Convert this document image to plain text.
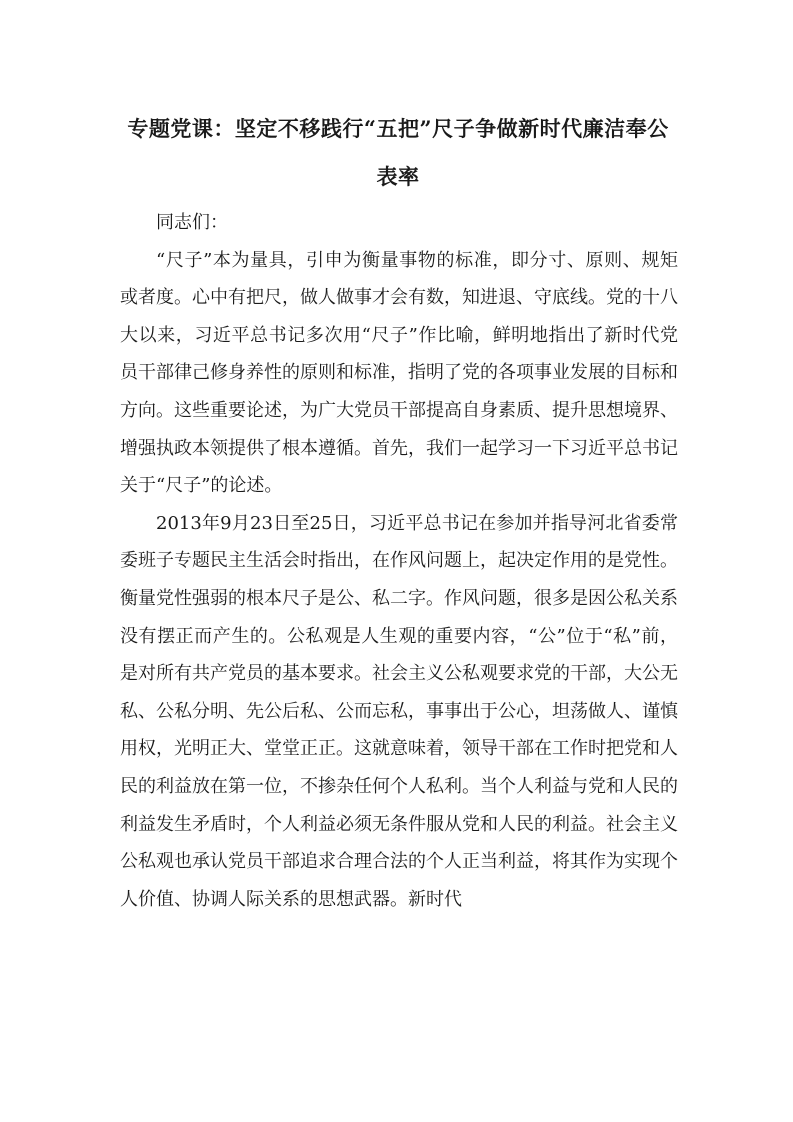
专题党课：坚定不移践行“五把”尺子争做新时代廉洁奉公表率

同志们：

“尺子”本为量具，引申为衡量事物的标准，即分寸、原则、规矩或者度。心中有把尺，做人做事才会有数，知进退、守底线。党的十八大以来，习近平总书记多次用“尺子”作比喻，鲜明地指出了新时代党员干部律己修身养性的原则和标准，指明了党的各项事业发展的目标和方向。这些重要论述，为广大党员干部提高自身素质、提升思想境界、增强执政本领提供了根本遵循。首先，我们一起学习一下习近平总书记关于“尺子”的论述。

2013年9月23日至25日，习近平总书记在参加并指导河北省委常委班子专题民主生活会时指出，在作风问题上，起决定作用的是党性。衡量党性强弱的根本尺子是公、私二字。作风问题，很多是因公私关系没有摆正而产生的。公私观是人生观的重要内容，“公”位于“私”前，是对所有共产党员的基本要求。社会主义公私观要求党的干部，大公无私、公私分明、先公后私、公而忘私，事事出于公心，坦荡做人、谨慎用权，光明正大、堂堂正正。这就意味着，领导干部在工作时把党和人民的利益放在第一位，不掺杂任何个人私利。当个人利益与党和人民的利益发生矛盾时，个人利益必须无条件服从党和人民的利益。社会主义公私观也承认党员干部追求合理合法的个人正当利益，将其作为实现个人价值、协调人际关系的思想武器。新时代
